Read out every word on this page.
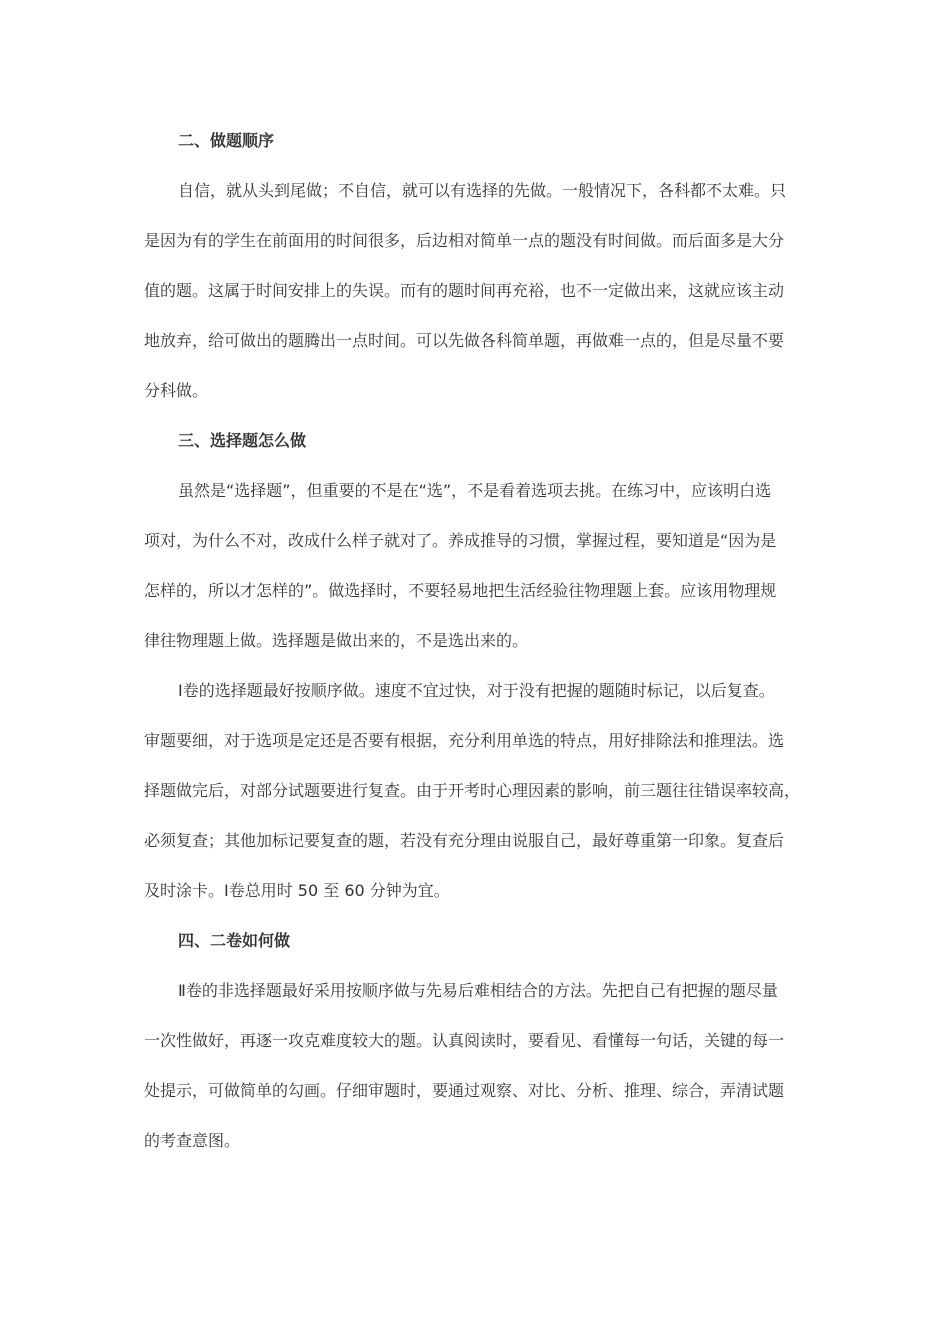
二、做题顺序
自信，就从头到尾做；不自信，就可以有选择的先做。一般情况下，各科都不太难。只
是因为有的学生在前面用的时间很多，后边相对简单一点的题没有时间做。而后面多是大分
值的题。这属于时间安排上的失误。而有的题时间再充裕，也不一定做出来，这就应该主动
地放弃，给可做出的题腾出一点时间。可以先做各科简单题，再做难一点的，但是尽量不要
分科做。
三、选择题怎么做
虽然是“选择题”，但重要的不是在“选”，不是看着选项去挑。在练习中，应该明白选
项对，为什么不对，改成什么样子就对了。养成推导的习惯，掌握过程，要知道是“因为是
怎样的，所以才怎样的”。做选择时，不要轻易地把生活经验往物理题上套。应该用物理规
律往物理题上做。选择题是做出来的，不是选出来的。
Ⅰ卷的选择题最好按顺序做。速度不宜过快，对于没有把握的题随时标记，以后复查。
审题要细，对于选项是定还是否要有根据，充分利用单选的特点，用好排除法和推理法。选
择题做完后，对部分试题要进行复查。由于开考时心理因素的影响，前三题往往错误率较高，
必须复查；其他加标记要复查的题，若没有充分理由说服自己，最好尊重第一印象。复查后
及时涂卡。Ⅰ卷总用时 50 至 60 分钟为宜。
四、二卷如何做
Ⅱ卷的非选择题最好采用按顺序做与先易后难相结合的方法。先把自己有把握的题尽量
一次性做好，再逐一攻克难度较大的题。认真阅读时，要看见、看懂每一句话，关键的每一
处提示，可做简单的勾画。仔细审题时，要通过观察、对比、分析、推理、综合，弄清试题
的考查意图。
